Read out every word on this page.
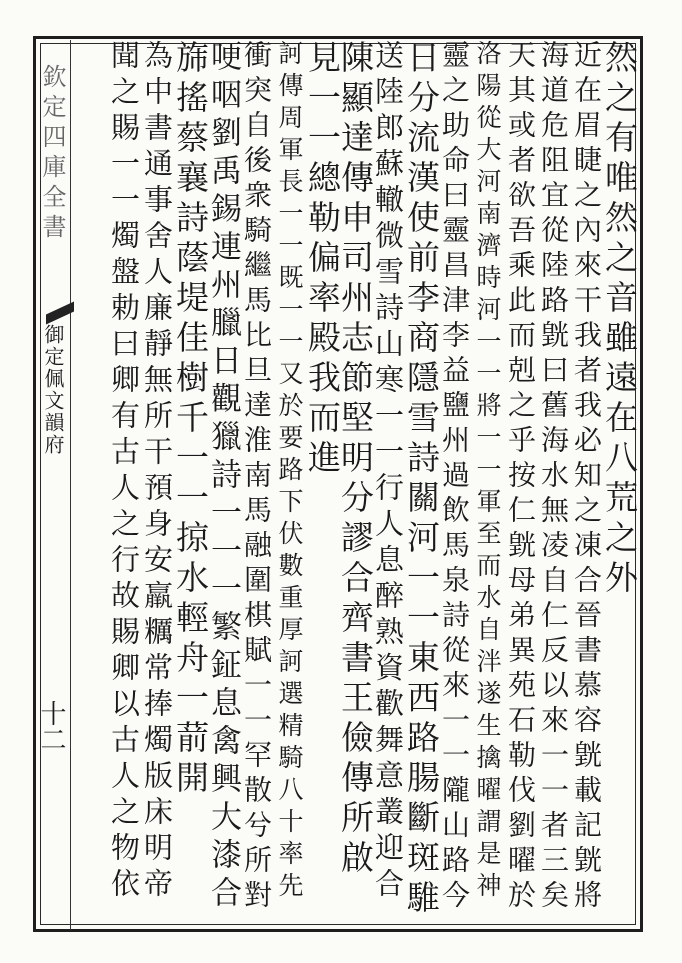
欽定四庫全書
御定佩文韻府
十二
然之有唯然之音雖遠在八荒之外
近在眉睫之內來干我者我必知之凍合晉書慕容皝載記皝將
海道危阻宜從陸路皝曰舊海水無凌自仁反以來一一者三矣
天其或者欲吾乘此而剋之乎按仁皝母弟異苑石勒伐劉曜於
洛陽從大河南濟時河一一將一一軍至而水自泮遂生擒曜謂是神
靈之助命曰靈昌津李益鹽州過飲馬泉詩從來一一隴山路今
日分流漢使前李商隱雪詩關河一一東西路腸斷斑騅
送陸郎蘇轍微雪詩山寒一一行人息醉熟資歡舞意叢迎合
陳顯達傳申司州志節堅明分謬合齊書王儉傳所啟
見一一總勒偏率殿我而進
訶傳周軍長一一既一一又於要路下伏數重厚訶選精騎八十率先
衝突自後衆騎繼馬比旦達淮南馬融圍棋賦一一罕散兮所對
哽咽劉禹錫連州臘日觀獵詩一一一繁鉦息禽興大漆合
旆搖蔡襄詩蔭堤佳樹千一一掠水輕舟一葥開
為中書通事舍人廉靜無所干預身安羸糲常捧燭版床明帝
聞之賜一一燭盤勅曰卿有古人之行故賜卿以古人之物依
